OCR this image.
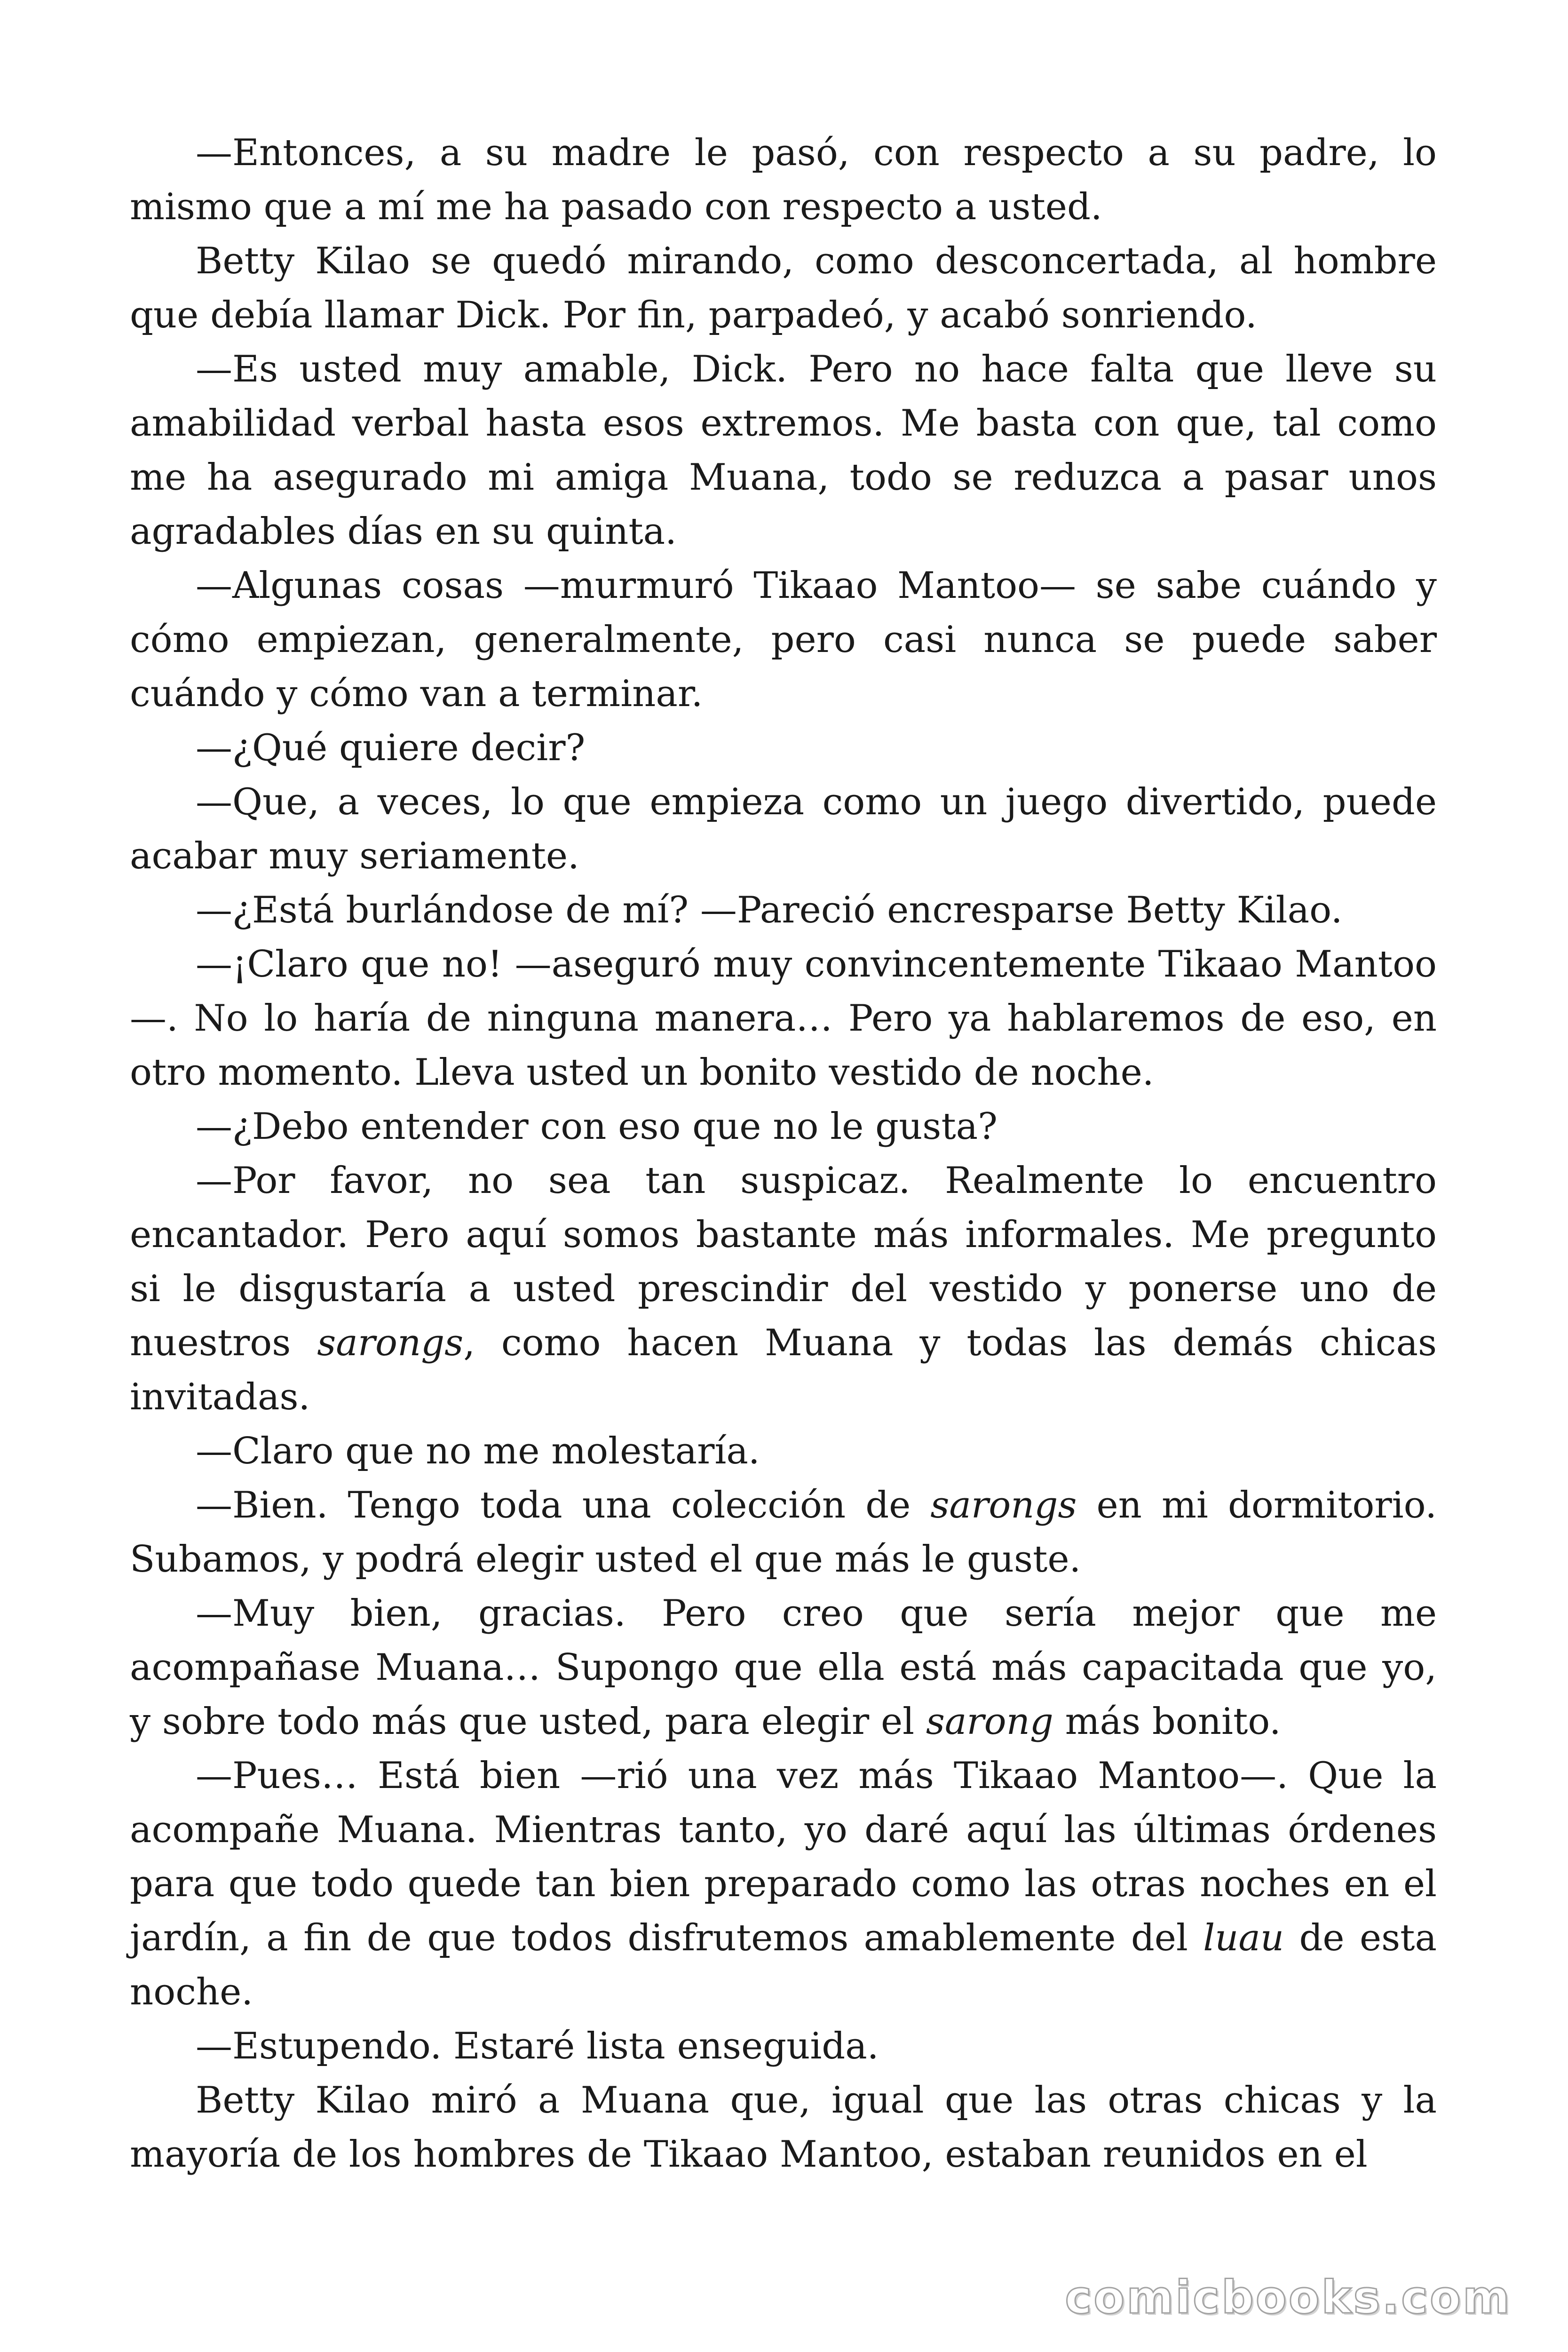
—Entonces, a su madre le pasó, con respecto a su padre, lo mismo que a mí me ha pasado con respecto a usted.

Betty Kilao se quedó mirando, como desconcertada, al hombre que debía llamar Dick. Por fin, parpadeó, y acabó sonriendo.

—Es usted muy amable, Dick. Pero no hace falta que lleve su amabilidad verbal hasta esos extremos. Me basta con que, tal como me ha asegurado mi amiga Muana, todo se reduzca a pasar unos agradables días en su quinta.

—Algunas cosas —murmuró Tikaao Mantoo— se sabe cuándo y cómo empiezan, generalmente, pero casi nunca se puede saber cuándo y cómo van a terminar.

—¿Qué quiere decir?

—Que, a veces, lo que empieza como un juego divertido, puede acabar muy seriamente.

—¿Está burlándose de mí? —Pareció encresparse Betty Kilao.

—¡Claro que no! —aseguró muy convincentemente Tikaao Mantoo—. No lo haría de ninguna manera… Pero ya hablaremos de eso, en otro momento. Lleva usted un bonito vestido de noche.

—¿Debo entender con eso que no le gusta?

—Por favor, no sea tan suspicaz. Realmente lo encuentro encantador. Pero aquí somos bastante más informales. Me pregunto si le disgustaría a usted prescindir del vestido y ponerse uno de nuestros sarongs, como hacen Muana y todas las demás chicas invitadas.

—Claro que no me molestaría.

—Bien. Tengo toda una colección de sarongs en mi dormitorio. Subamos, y podrá elegir usted el que más le guste.

—Muy bien, gracias. Pero creo que sería mejor que me acompañase Muana… Supongo que ella está más capacitada que yo, y sobre todo más que usted, para elegir el sarong más bonito.

—Pues… Está bien —rió una vez más Tikaao Mantoo—. Que la acompañe Muana. Mientras tanto, yo daré aquí las últimas órdenes para que todo quede tan bien preparado como las otras noches en el jardín, a fin de que todos disfrutemos amablemente del luau de esta noche.

—Estupendo. Estaré lista enseguida.

Betty Kilao miró a Muana que, igual que las otras chicas y la mayoría de los hombres de Tikaao Mantoo, estaban reunidos en el

comicbooks.com
